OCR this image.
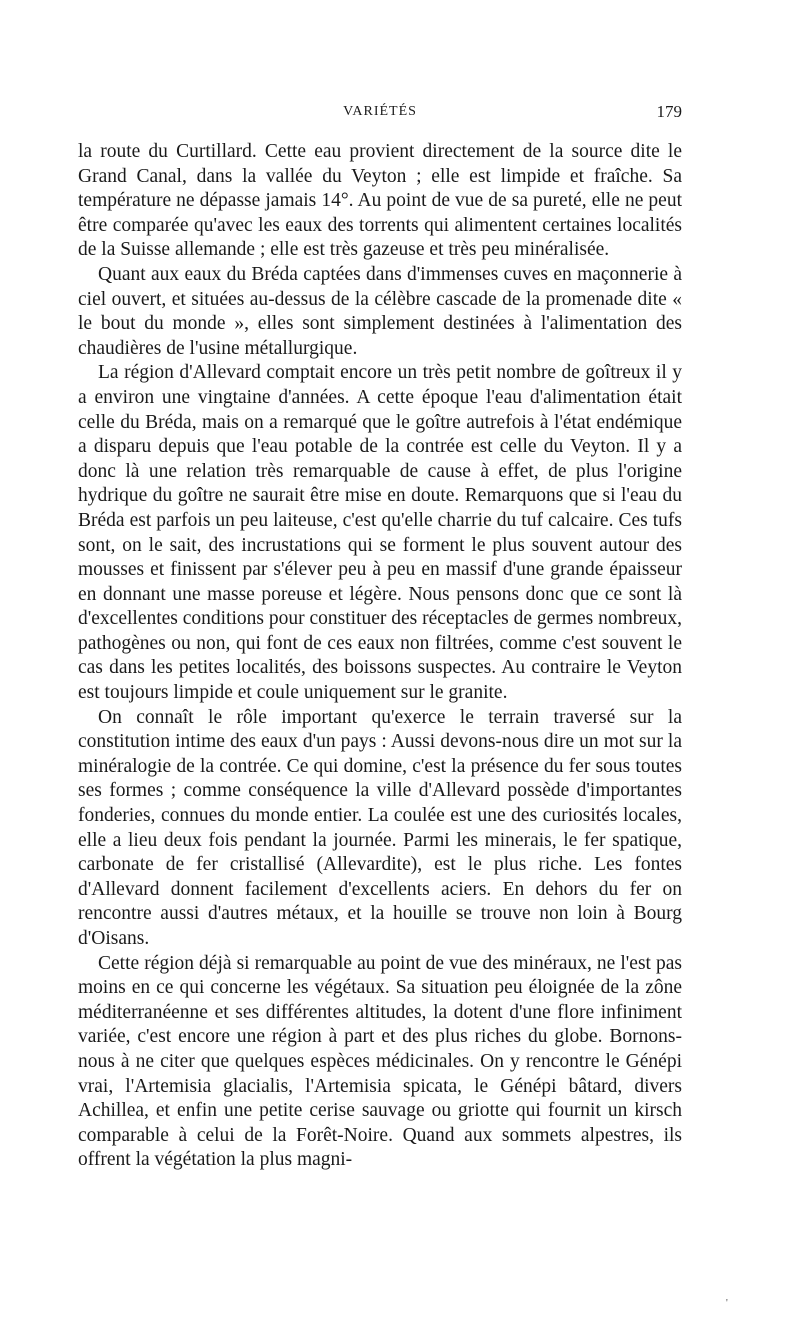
VARIÉTÉS	179

la route du Curtillard. Cette eau provient directement de la source dite le Grand Canal, dans la vallée du Veyton ; elle est limpide et fraîche. Sa température ne dépasse jamais 14°. Au point de vue de sa pureté, elle ne peut être comparée qu'avec les eaux des torrents qui alimentent certaines localités de la Suisse allemande ; elle est très gazeuse et très peu minéralisée.

Quant aux eaux du Bréda captées dans d'immenses cuves en maçonnerie à ciel ouvert, et situées au-dessus de la célèbre cascade de la promenade dite « le bout du monde », elles sont simplement destinées à l'alimentation des chaudières de l'usine métallurgique.

La région d'Allevard comptait encore un très petit nombre de goîtreux il y a environ une vingtaine d'années. A cette époque l'eau d'alimentation était celle du Bréda, mais on a remarqué que le goître autrefois à l'état endémique a disparu depuis que l'eau potable de la contrée est celle du Veyton. Il y a donc là une relation très remarquable de cause à effet, de plus l'origine hydrique du goître ne saurait être mise en doute. Remarquons que si l'eau du Bréda est parfois un peu laiteuse, c'est qu'elle charrie du tuf calcaire. Ces tufs sont, on le sait, des incrustations qui se forment le plus souvent autour des mousses et finissent par s'élever peu à peu en massif d'une grande épaisseur en donnant une masse poreuse et légère. Nous pensons donc que ce sont là d'excellentes conditions pour constituer des réceptacles de germes nombreux, pathogènes ou non, qui font de ces eaux non filtrées, comme c'est souvent le cas dans les petites localités, des boissons suspectes. Au contraire le Veyton est toujours limpide et coule uniquement sur le granite.

On connaît le rôle important qu'exerce le terrain traversé sur la constitution intime des eaux d'un pays : Aussi devons-nous dire un mot sur la minéralogie de la contrée. Ce qui domine, c'est la présence du fer sous toutes ses formes ; comme conséquence la ville d'Allevard possède d'importantes fonderies, connues du monde entier. La coulée est une des curiosités locales, elle a lieu deux fois pendant la journée. Parmi les minerais, le fer spatique, carbonate de fer cristallisé (Allevardite), est le plus riche. Les fontes d'Allevard donnent facilement d'excellents aciers. En dehors du fer on rencontre aussi d'autres métaux, et la houille se trouve non loin à Bourg d'Oisans.

Cette région déjà si remarquable au point de vue des minéraux, ne l'est pas moins en ce qui concerne les végétaux. Sa situation peu éloignée de la zône méditerranéenne et ses différentes altitudes, la dotent d'une flore infiniment variée, c'est encore une région à part et des plus riches du globe. Bornons-nous à ne citer que quelques espèces médicinales. On y rencontre le Génépi vrai, l'Artemisia glacialis, l'Artemisia spicata, le Génépi bâtard, divers Achillea, et enfin une petite cerise sauvage ou griotte qui fournit un kirsch comparable à celui de la Forêt-Noire. Quand aux sommets alpestres, ils offrent la végétation la plus magni-

'
